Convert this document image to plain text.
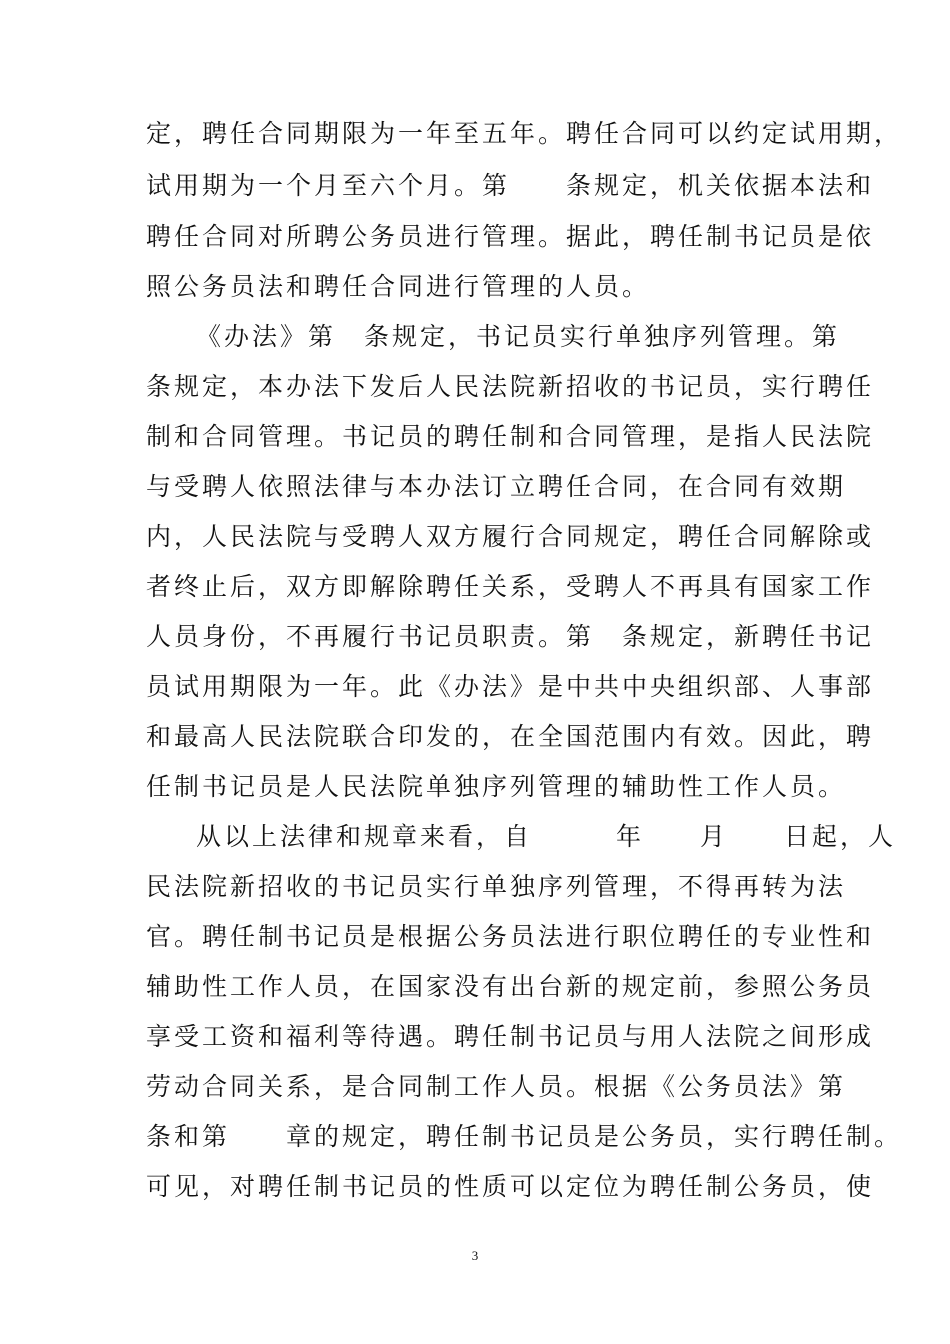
定，聘任合同期限为一年至五年。聘任合同可以约定试用期，
试用期为一个月至六个月。第　　条规定，机关依据本法和
聘任合同对所聘公务员进行管理。据此，聘任制书记员是依
照公务员法和聘任合同进行管理的人员。
《办法》第　条规定，书记员实行单独序列管理。第
条规定，本办法下发后人民法院新招收的书记员，实行聘任
制和合同管理。书记员的聘任制和合同管理，是指人民法院
与受聘人依照法律与本办法订立聘任合同，在合同有效期
内，人民法院与受聘人双方履行合同规定，聘任合同解除或
者终止后，双方即解除聘任关系，受聘人不再具有国家工作
人员身份，不再履行书记员职责。第　条规定，新聘任书记
员试用期限为一年。此《办法》是中共中央组织部、人事部
和最高人民法院联合印发的，在全国范围内有效。因此，聘
任制书记员是人民法院单独序列管理的辅助性工作人员。
从以上法律和规章来看，自　　　年　　月　　日起，人
民法院新招收的书记员实行单独序列管理，不得再转为法
官。聘任制书记员是根据公务员法进行职位聘任的专业性和
辅助性工作人员，在国家没有出台新的规定前，参照公务员
享受工资和福利等待遇。聘任制书记员与用人法院之间形成
劳动合同关系，是合同制工作人员。根据《公务员法》第
条和第　　章的规定，聘任制书记员是公务员，实行聘任制。
可见，对聘任制书记员的性质可以定位为聘任制公务员，使
3
